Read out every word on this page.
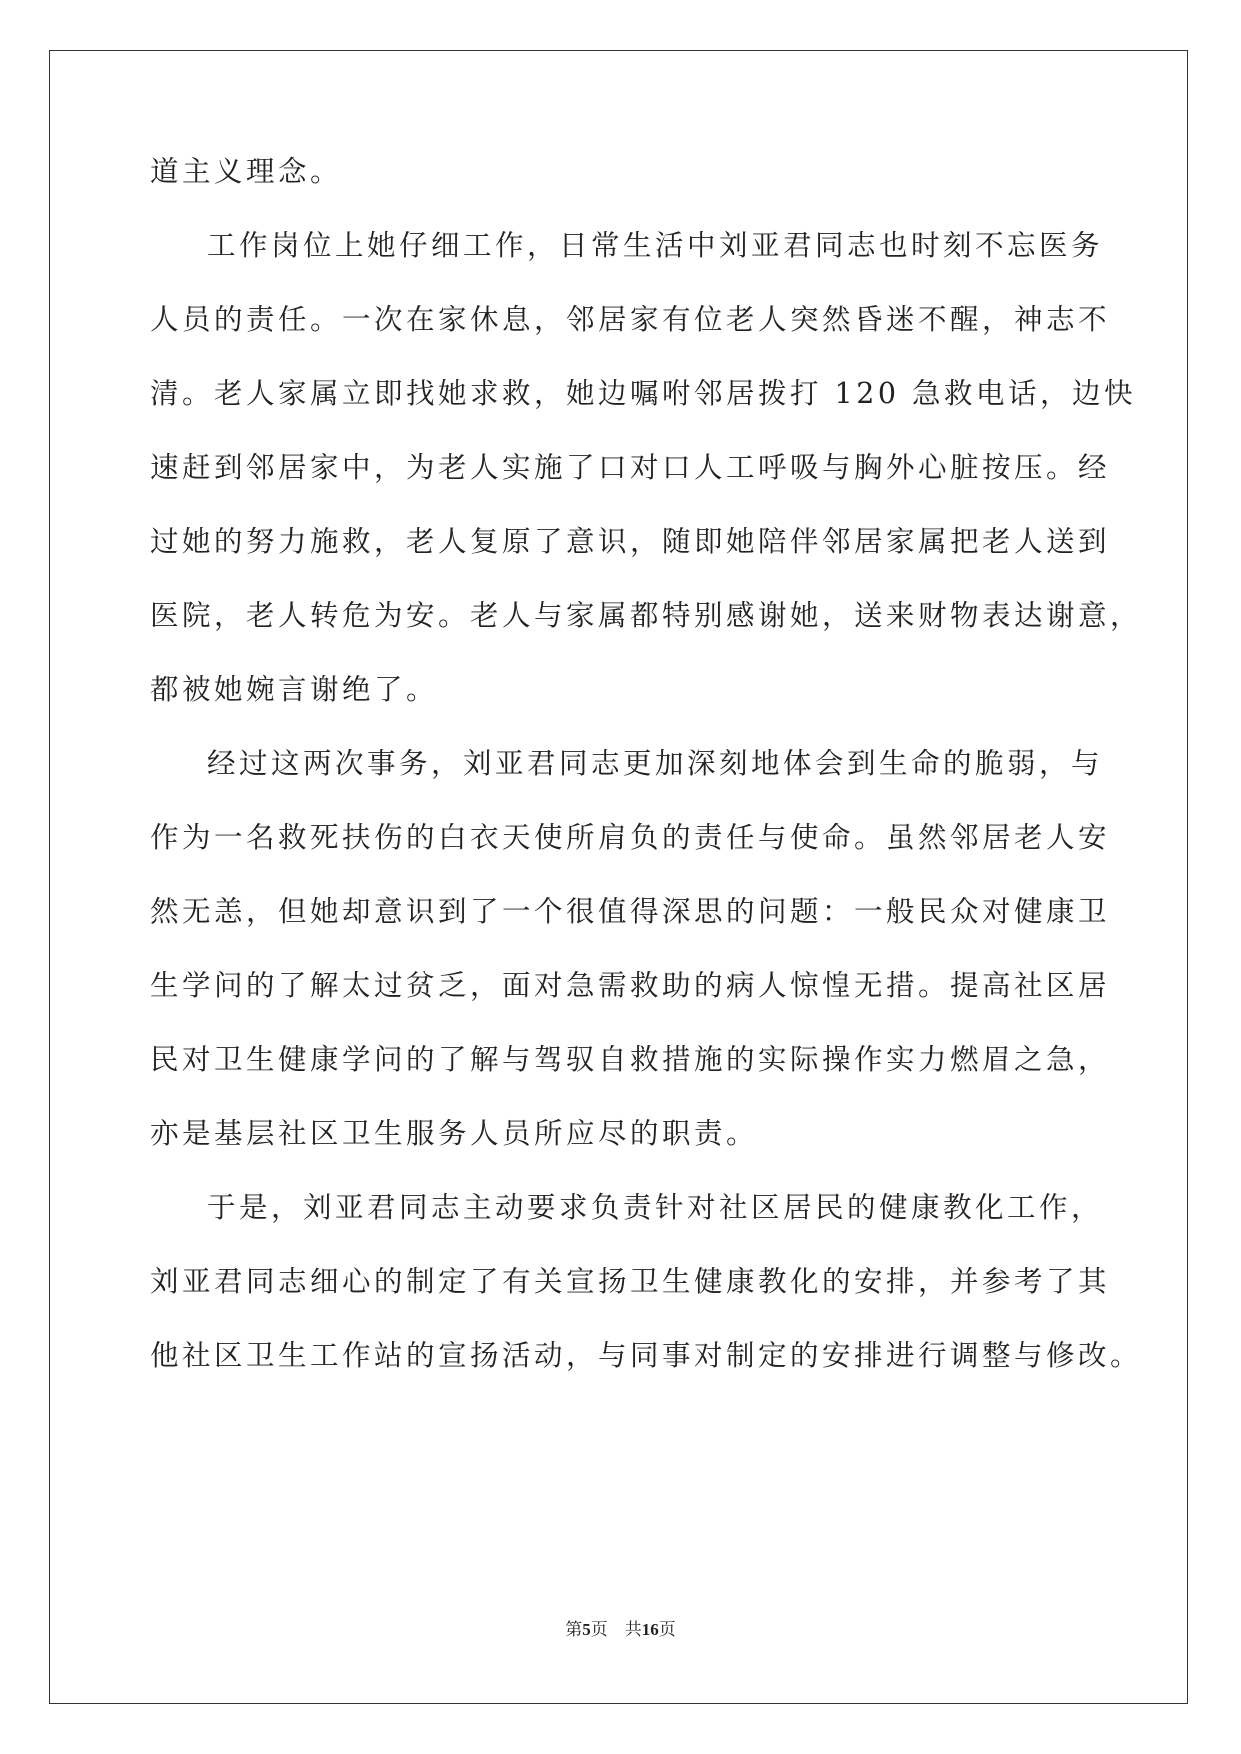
道主义理念。
工作岗位上她仔细工作，日常生活中刘亚君同志也时刻不忘医务
人员的责任。一次在家休息，邻居家有位老人突然昏迷不醒，神志不
清。老人家属立即找她求救，她边嘱咐邻居拨打 120 急救电话，边快
速赶到邻居家中，为老人实施了口对口人工呼吸与胸外心脏按压。经
过她的努力施救，老人复原了意识，随即她陪伴邻居家属把老人送到
医院，老人转危为安。老人与家属都特别感谢她，送来财物表达谢意，
都被她婉言谢绝了。
经过这两次事务，刘亚君同志更加深刻地体会到生命的脆弱，与
作为一名救死扶伤的白衣天使所肩负的责任与使命。虽然邻居老人安
然无恙，但她却意识到了一个很值得深思的问题：一般民众对健康卫
生学问的了解太过贫乏，面对急需救助的病人惊惶无措。提高社区居
民对卫生健康学问的了解与驾驭自救措施的实际操作实力燃眉之急，
亦是基层社区卫生服务人员所应尽的职责。
于是，刘亚君同志主动要求负责针对社区居民的健康教化工作，
刘亚君同志细心的制定了有关宣扬卫生健康教化的安排，并参考了其
他社区卫生工作站的宣扬活动，与同事对制定的安排进行调整与修改。
第5页 共16页
